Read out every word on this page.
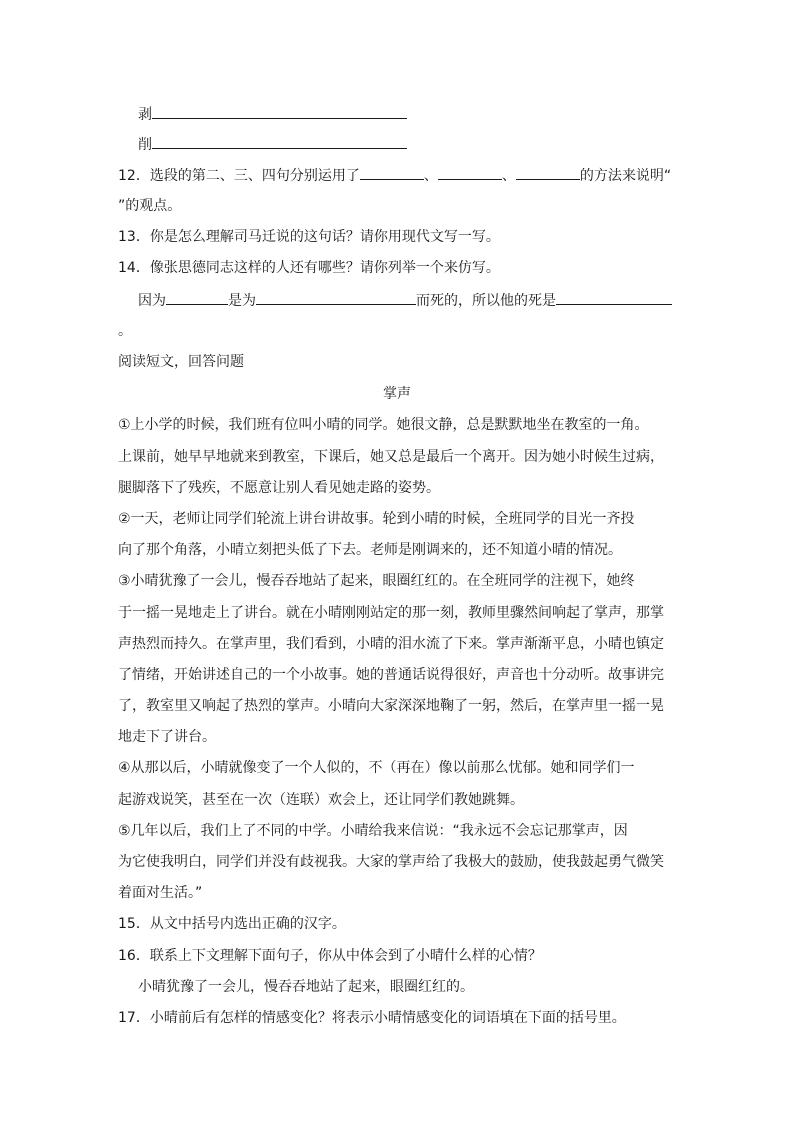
剥
削
12．选段的第二、三、四句分别运用了	、	、	的方法来说明“
”的观点。
13．你是怎么理解司马迁说的这句话？请你用现代文写一写。
14．像张思德同志这样的人还有哪些？请你列举一个来仿写。
因为	是为	而死的，所以他的死是
。
阅读短文，回答问题
掌声
①上小学的时候，我们班有位叫小晴的同学。她很文静，总是默默地坐在教室的一角。
上课前，她早早地就来到教室，下课后，她又总是最后一个离开。因为她小时候生过病，
腿脚落下了残疾，不愿意让别人看见她走路的姿势。
②一天，老师让同学们轮流上讲台讲故事。轮到小晴的时候，全班同学的目光一齐投
向了那个角落，小晴立刻把头低了下去。老师是刚调来的，还不知道小晴的情况。
③小晴犹豫了一会儿，慢吞吞地站了起来，眼圈红红的。在全班同学的注视下，她终
于一摇一晃地走上了讲台。就在小晴刚刚站定的那一刻，教师里骤然间响起了掌声，那掌
声热烈而持久。在掌声里，我们看到，小晴的泪水流了下来。掌声渐渐平息，小晴也镇定
了情绪，开始讲述自己的一个小故事。她的普通话说得很好，声音也十分动听。故事讲完
了，教室里又响起了热烈的掌声。小晴向大家深深地鞠了一躬，然后，在掌声里一摇一晃
地走下了讲台。
④从那以后，小晴就像变了一个人似的，不（再在）像以前那么忧郁。她和同学们一
起游戏说笑，甚至在一次（连联）欢会上，还让同学们教她跳舞。
⑤几年以后，我们上了不同的中学。小晴给我来信说：“我永远不会忘记那掌声，因
为它使我明白，同学们并没有歧视我。大家的掌声给了我极大的鼓励，使我鼓起勇气微笑
着面对生活。”
15．从文中括号内选出正确的汉字。
16．联系上下文理解下面句子，你从中体会到了小晴什么样的心情？
小晴犹豫了一会儿，慢吞吞地站了起来，眼圈红红的。
17．小晴前后有怎样的情感变化？将表示小晴情感变化的词语填在下面的括号里。
